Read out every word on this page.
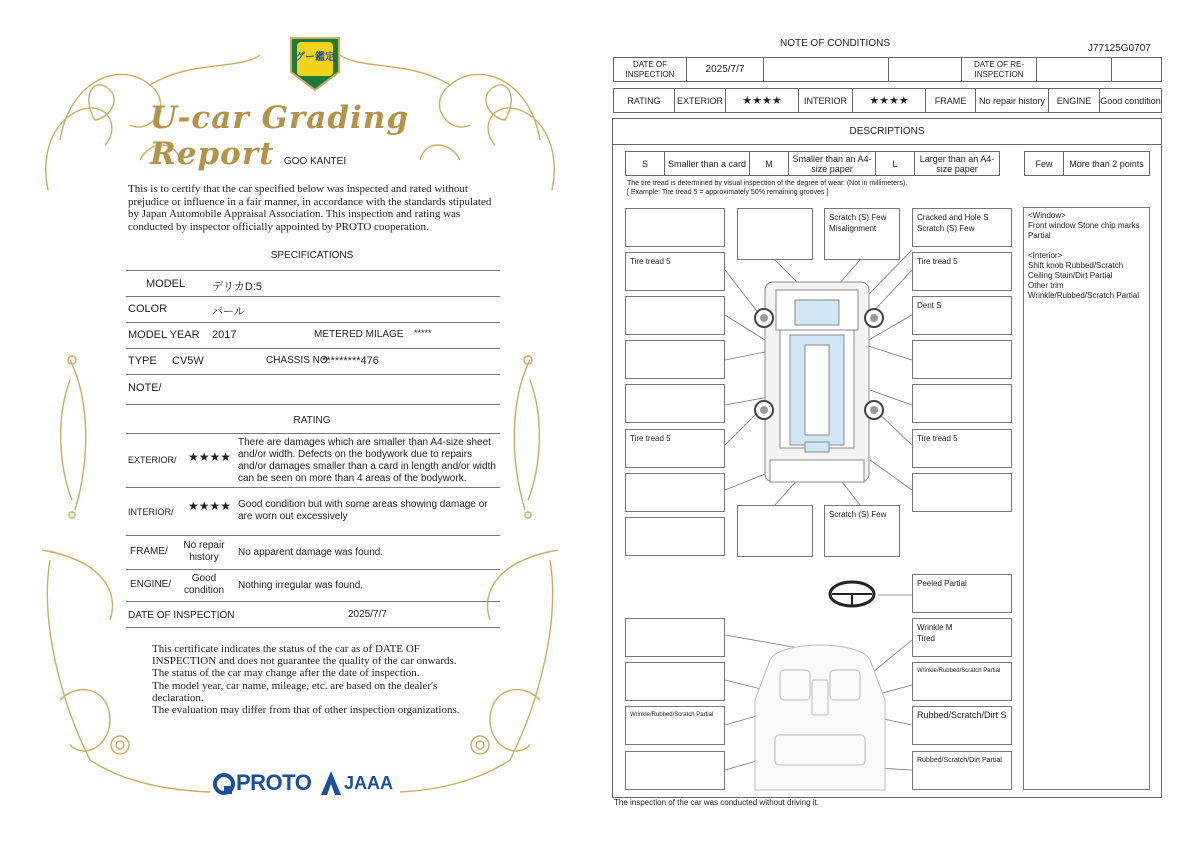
グー鑑定
U-car Grading Report GOO KANTEI
This is to certify that the car specified below was inspected and rated without prejudice or influence in a fair manner, in accordance with the standards stipulated by Japan Automobile Appraisal Association. This inspection and rating was conducted by inspector officially appointed by PROTO cooperation.
SPECIFICATIONS
MODEL デリカD:5
COLOR	パール
MODEL YEAR 2017	METERED MILAGE *****
TYPE CV5W	CHASSIS NO.
*********476
NOTE/
RATING
EXTERIOR/ ★★★★
There are damages which are smaller than A4-size sheet and/or width. Defects on the bodywork due to repairs and/or damages smaller than a card in length and/or width can be seen on more than 4 areas of the bodywork.
INTERIOR/ ★★★★ Good condition but with some areas showing damage or are worn out excessively
FRAME/
No repair history	No apparent damage was found.
ENGINE/
Good condition	Nothing irregular was found.
DATE OF INSPECTION	2025/7/7
This certificate indicates the status of the car as of DATE OF
INSPECTION and does not guarantee the quality of the car onwards.
The status of the car may change after the date of inspection.
The model year, car name, mileage, etc. are based on the dealer's
declaration.
The evaluation may differ from that of other inspection organizations.
PROTO JAAA
NOTE OF CONDITIONS	J77125G0707
DATE OF INSPECTION	2025/7/7	DATE OF RE-INSPECTION
RATING	EXTERIOR	★★★★	INTERIOR	★★★★	FRAME	No repair history	ENGINE Good condition
DESCRIPTIONS
S	Smaller than a card	M	Smaller than an A4-size paper	L	Larger than an A4-size paper	Few	More than 2 points
The tire tread is determined by visual inspection of the degree of wear. (Not in millimeters).
[ Example: Tire tread 5 = approximately 50% remaining grooves ]
Tire tread 5
Tire tread 5
Wrinkle/Rubbed/Scratch Partial
Scratch (S) Few
Misalignment
Scratch (S) Few
Cracked and Hole S
Scratch (S) Few
Tire tread 5
Dent S
Tire tread 5
Peeled Partial
Wrinkle M
Tired
Wrinkle/Rubbed/Scratch Partial
Rubbed/Scratch/Dirt S
Rubbed/Scratch/Dirt Partial
<Window>
Front window Stone chip marks Partial

<Interior>
Shift knob Rubbed/Scratch
Ceiling Stain/Dirt Partial
Other trim
Wrinkle/Rubbed/Scratch Partial
The inspection of the car was conducted without driving it.
